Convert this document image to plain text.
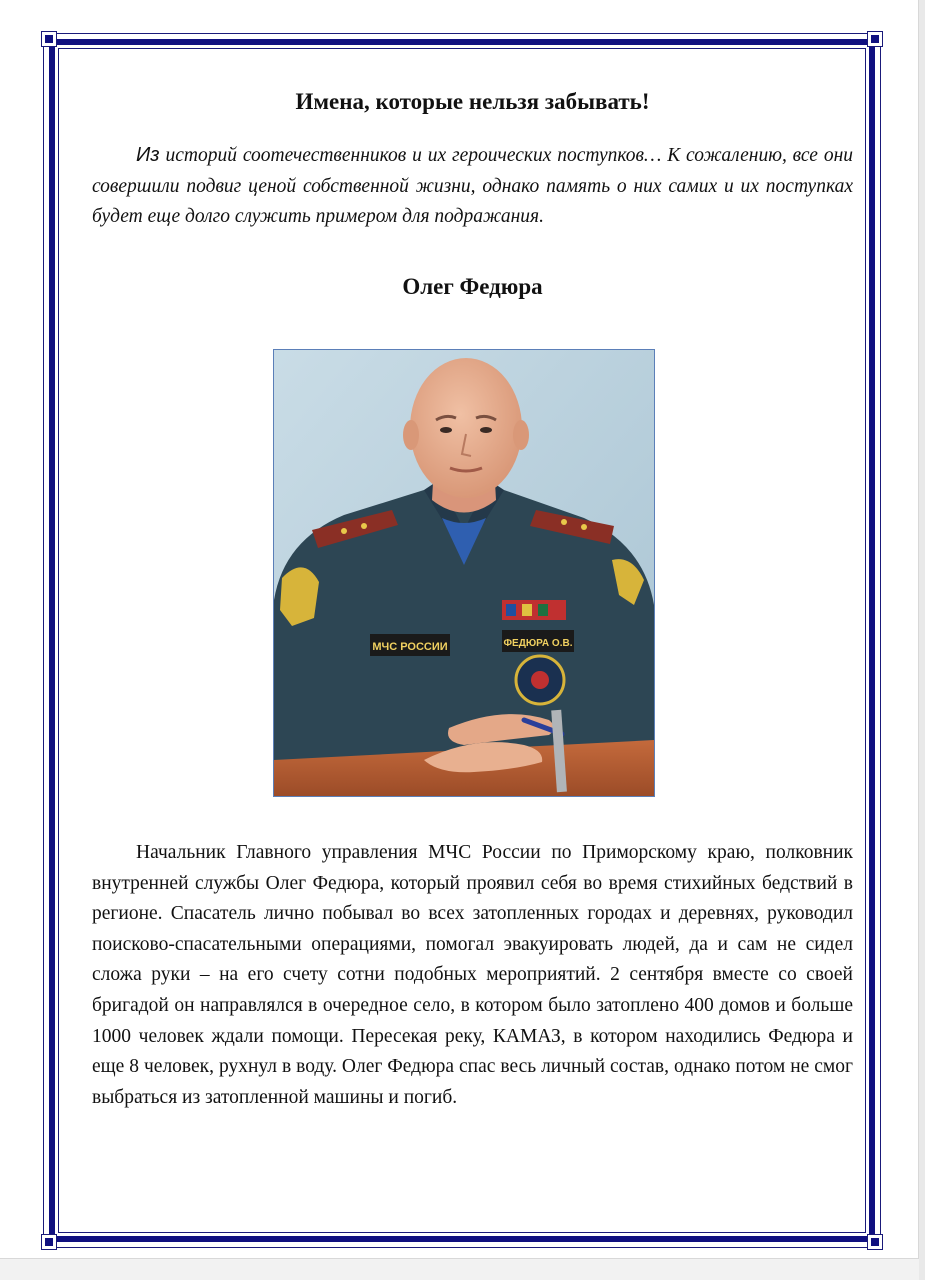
Имена, которые нельзя забывать!

Из историй соотечественников и их героических поступков… К сожалению, все они совершили подвиг ценой собственной жизни, однако память о них самих и их поступках будет еще долго служить примером для подражания.

Олег Федюра
МЧС РОССИИ	ФЕДЮРА О.В.

Начальник Главного управления МЧС России по Приморскому краю, полковник внутренней службы Олег Федюра, который проявил себя во время стихийных бедствий в регионе. Спасатель лично побывал во всех затопленных городах и деревнях, руководил поисково-спасательными операциями, помогал эвакуировать людей, да и сам не сидел сложа руки – на его счету сотни подобных мероприятий. 2 сентября вместе со своей бригадой он направлялся в очередное село, в котором было затоплено 400 домов и больше 1000 человек ждали помощи. Пересекая реку, КАМАЗ, в котором находились Федюра и еще 8 человек, рухнул в воду. Олег Федюра спас весь личный состав, однако потом не смог выбраться из затопленной машины и погиб.
